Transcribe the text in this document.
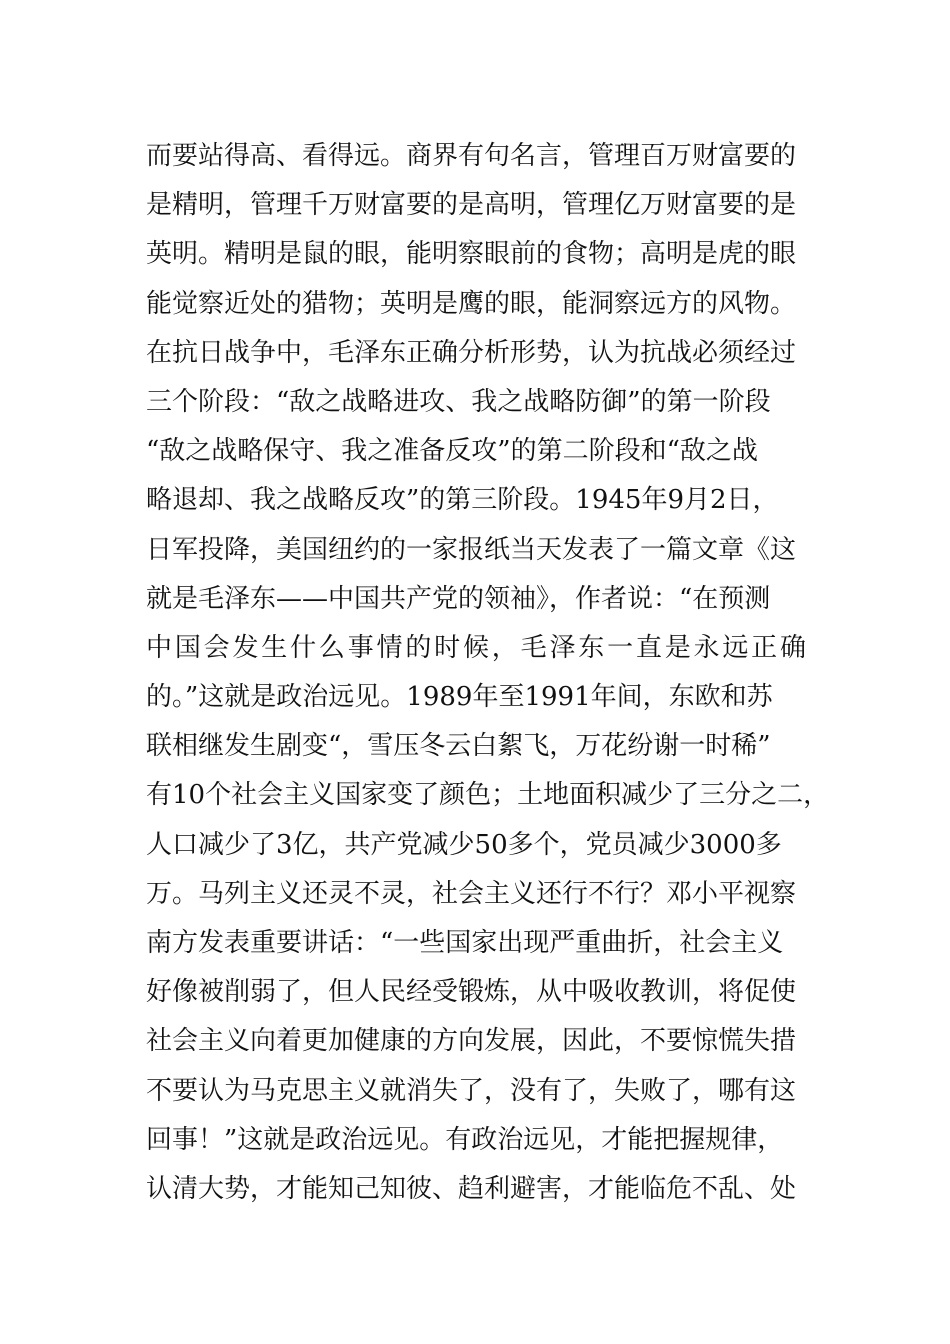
而要站得高、看得远。商界有句名言，管理百万财富要的
是精明，管理千万财富要的是高明，管理亿万财富要的是
英明。精明是鼠的眼，能明察眼前的食物；高明是虎的眼
能觉察近处的猎物；英明是鹰的眼，能洞察远方的风物。
在抗日战争中，毛泽东正确分析形势，认为抗战必须经过
三个阶段：“敌之战略进攻、我之战略防御”的第一阶段
“敌之战略保守、我之准备反攻”的第二阶段和“敌之战
略退却、我之战略反攻”的第三阶段。1945年9月2日，
日军投降，美国纽约的一家报纸当天发表了一篇文章《这
就是毛泽东——中国共产党的领袖》，作者说：“在预测
中国会发生什么事情的时候，毛泽东一直是永远正确
的。”这就是政治远见。1989年至1991年间，东欧和苏
联相继发生剧变“，雪压冬云白絮飞，万花纷谢一时稀”
有10个社会主义国家变了颜色；土地面积减少了三分之二，
人口减少了3亿，共产党减少50多个，党员减少3000多
万。马列主义还灵不灵，社会主义还行不行？邓小平视察
南方发表重要讲话：“一些国家出现严重曲折，社会主义
好像被削弱了，但人民经受锻炼，从中吸收教训，将促使
社会主义向着更加健康的方向发展，因此，不要惊慌失措
不要认为马克思主义就消失了，没有了，失败了，哪有这
回事！”这就是政治远见。有政治远见，才能把握规律，
认清大势，才能知己知彼、趋利避害，才能临危不乱、处
